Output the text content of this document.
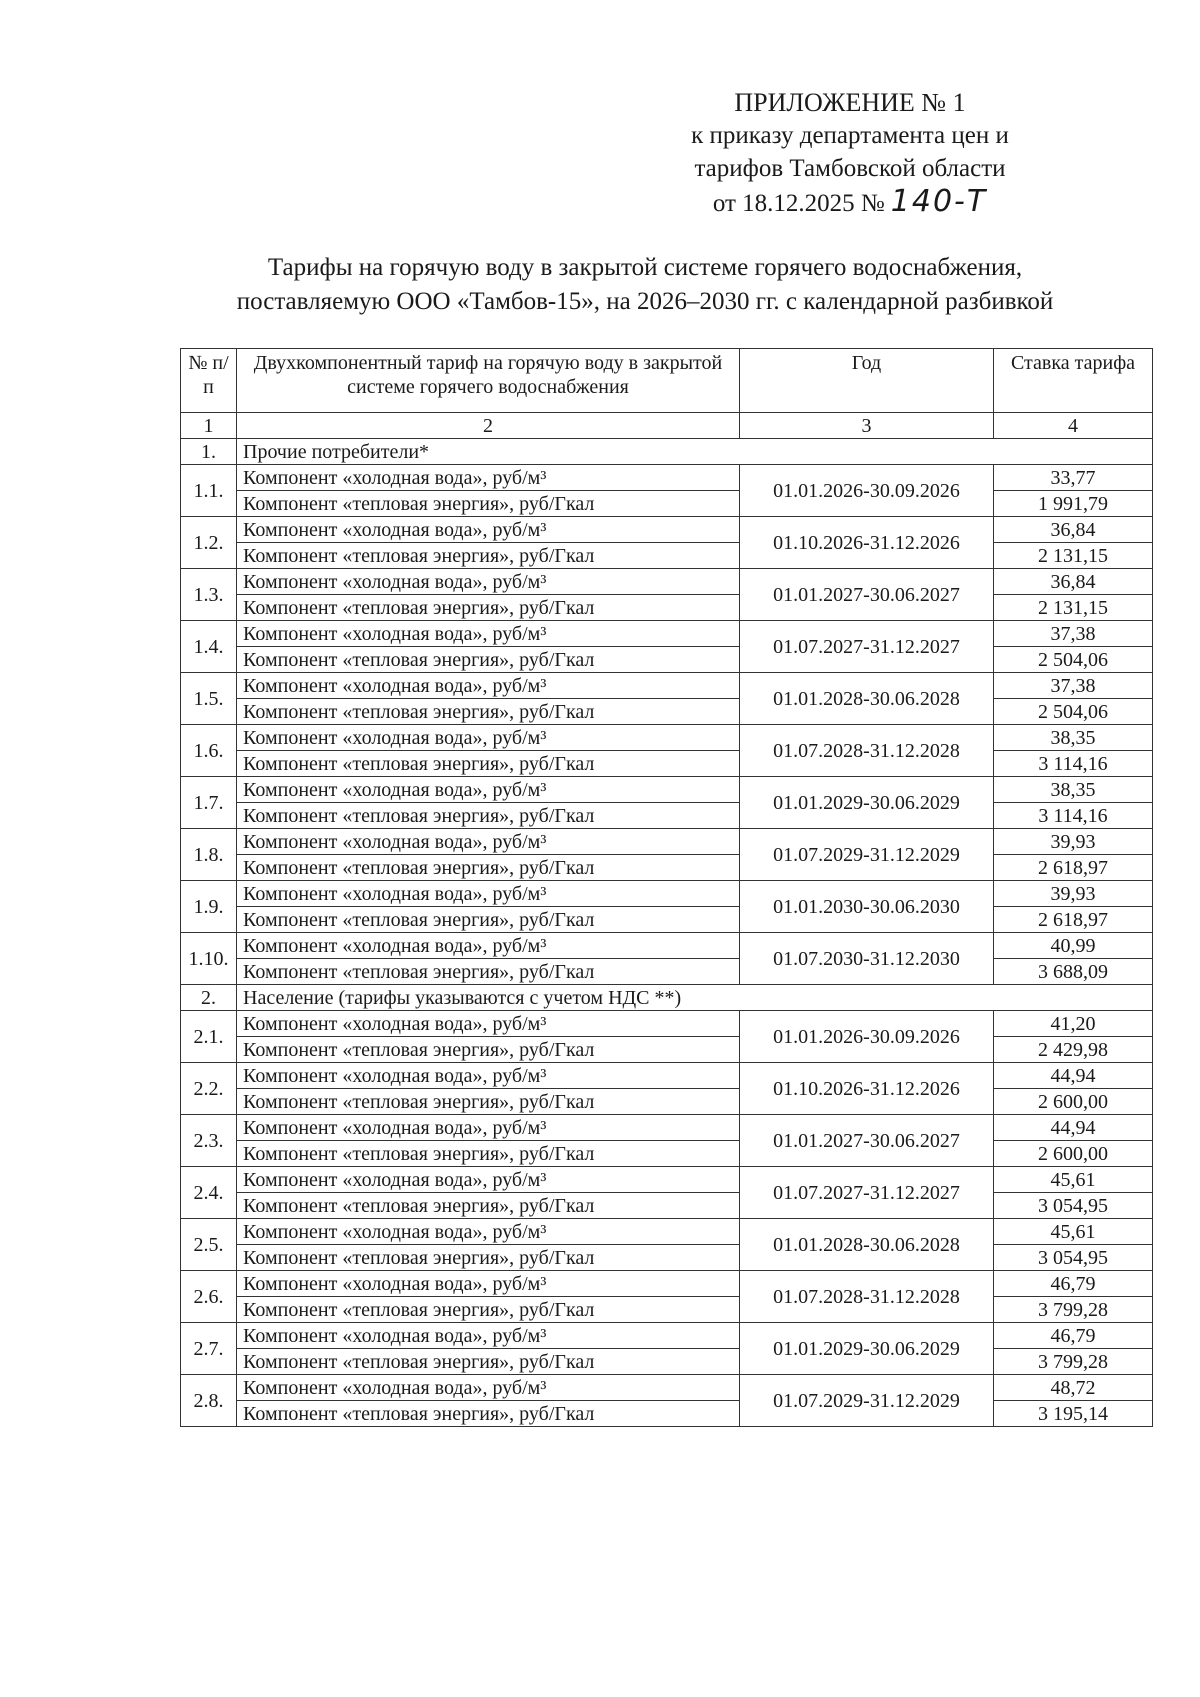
ПРИЛОЖЕНИЕ № 1
к приказу департамента цен и
тарифов Тамбовской области
от 18.12.2025 № 140-Т
Тарифы на горячую воду в закрытой системе горячего водоснабжения,
поставляемую ООО «Тамбов-15», на 2026–2030 гг. с календарной разбивкой
№ п/п	Двухкомпонентный тариф на горячую воду в закрытой системе горячего водоснабжения	Год	Ставка тарифа
1	2	3	4
1.	Прочие потребители*		
1.1.	Компонент «холодная вода», руб/м³	01.01.2026-30.09.2026	33,77
	Компонент «тепловая энергия», руб/Гкал		1 991,79
1.2.	Компонент «холодная вода», руб/м³	01.10.2026-31.12.2026	36,84
	Компонент «тепловая энергия», руб/Гкал		2 131,15
1.3.	Компонент «холодная вода», руб/м³	01.01.2027-30.06.2027	36,84
	Компонент «тепловая энергия», руб/Гкал		2 131,15
1.4.	Компонент «холодная вода», руб/м³	01.07.2027-31.12.2027	37,38
	Компонент «тепловая энергия», руб/Гкал		2 504,06
1.5.	Компонент «холодная вода», руб/м³	01.01.2028-30.06.2028	37,38
	Компонент «тепловая энергия», руб/Гкал		2 504,06
1.6.	Компонент «холодная вода», руб/м³	01.07.2028-31.12.2028	38,35
	Компонент «тепловая энергия», руб/Гкал		3 114,16
1.7.	Компонент «холодная вода», руб/м³	01.01.2029-30.06.2029	38,35
	Компонент «тепловая энергия», руб/Гкал		3 114,16
1.8.	Компонент «холодная вода», руб/м³	01.07.2029-31.12.2029	39,93
	Компонент «тепловая энергия», руб/Гкал		2 618,97
1.9.	Компонент «холодная вода», руб/м³	01.01.2030-30.06.2030	39,93
	Компонент «тепловая энергия», руб/Гкал		2 618,97
1.10.	Компонент «холодная вода», руб/м³	01.07.2030-31.12.2030	40,99
	Компонент «тепловая энергия», руб/Гкал		3 688,09
2.	Население (тарифы указываются с учетом НДС **)		
2.1.	Компонент «холодная вода», руб/м³	01.01.2026-30.09.2026	41,20
	Компонент «тепловая энергия», руб/Гкал		2 429,98
2.2.	Компонент «холодная вода», руб/м³	01.10.2026-31.12.2026	44,94
	Компонент «тепловая энергия», руб/Гкал		2 600,00
2.3.	Компонент «холодная вода», руб/м³	01.01.2027-30.06.2027	44,94
	Компонент «тепловая энергия», руб/Гкал		2 600,00
2.4.	Компонент «холодная вода», руб/м³	01.07.2027-31.12.2027	45,61
	Компонент «тепловая энергия», руб/Гкал		3 054,95
2.5.	Компонент «холодная вода», руб/м³	01.01.2028-30.06.2028	45,61
	Компонент «тепловая энергия», руб/Гкал		3 054,95
2.6.	Компонент «холодная вода», руб/м³	01.07.2028-31.12.2028	46,79
	Компонент «тепловая энергия», руб/Гкал		3 799,28
2.7.	Компонент «холодная вода», руб/м³	01.01.2029-30.06.2029	46,79
	Компонент «тепловая энергия», руб/Гкал		3 799,28
2.8.	Компонент «холодная вода», руб/м³	01.07.2029-31.12.2029	48,72
	Компонент «тепловая энергия», руб/Гкал		3 195,14
